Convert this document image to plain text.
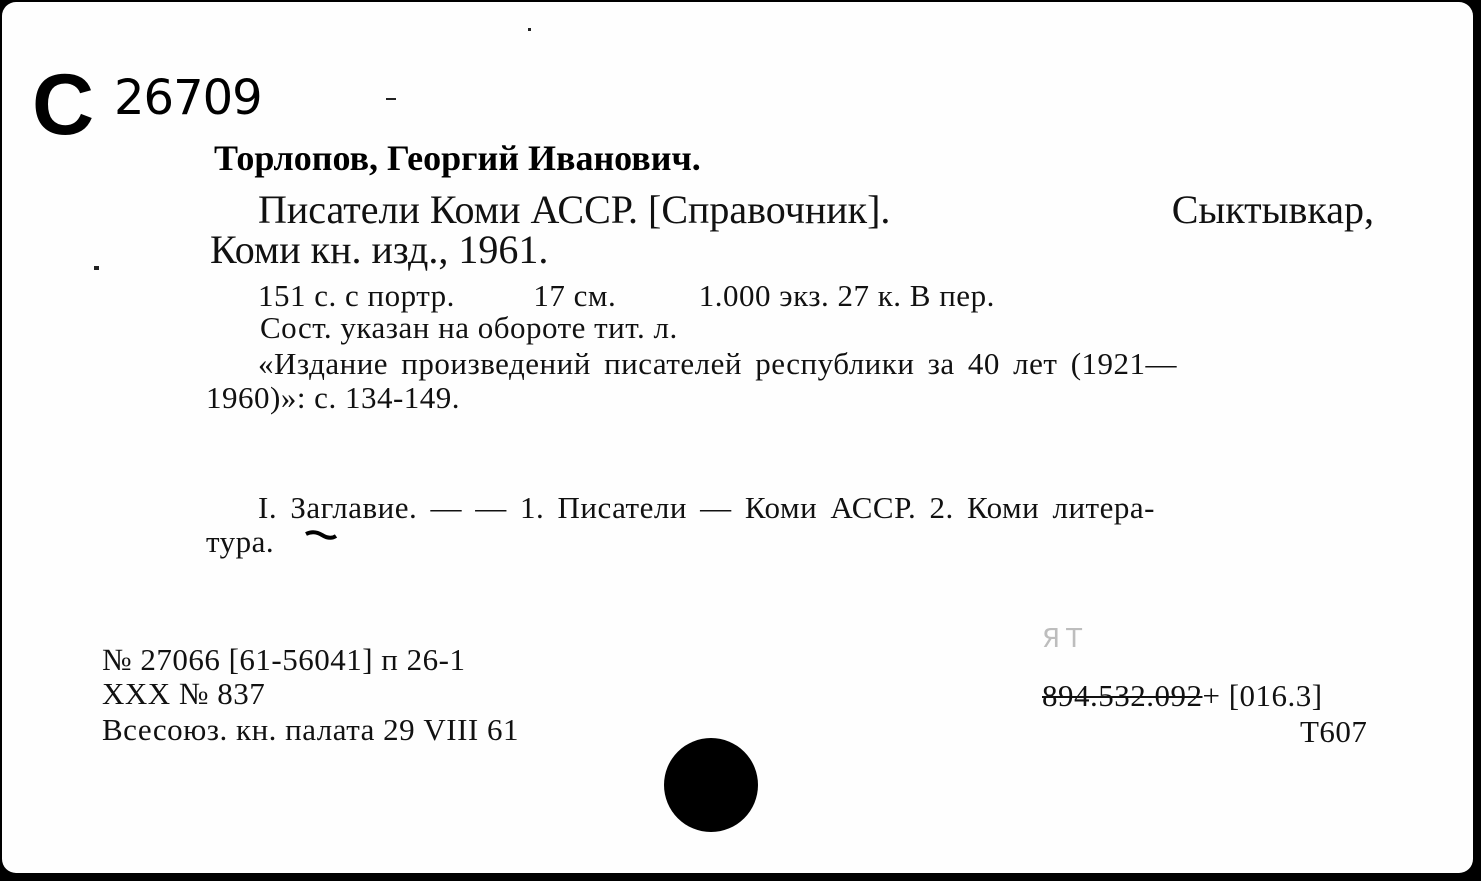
C 26709
Торлопов, Георгий Иванович.
Писатели Коми АССР. [Справочник].	Сыктывкар,
Коми кн. изд., 1961.
151 с. с портр.	17 см.	1.000 экз. 27 к. В пер.
Сост. указан на обороте тит. л.
«Издание произведений писателей республики за 40 лет (1921—
1960)»: с. 134-149.
I. Заглавие. — — 1. Писатели — Коми АССР. 2. Коми литера-
тура.
№ 27066 [61-56041] п 26-1
XXX № 837
Всесоюз. кн. палата 29 VIII 61
ЯТ
894.532.092+ [016.3]
Т607
